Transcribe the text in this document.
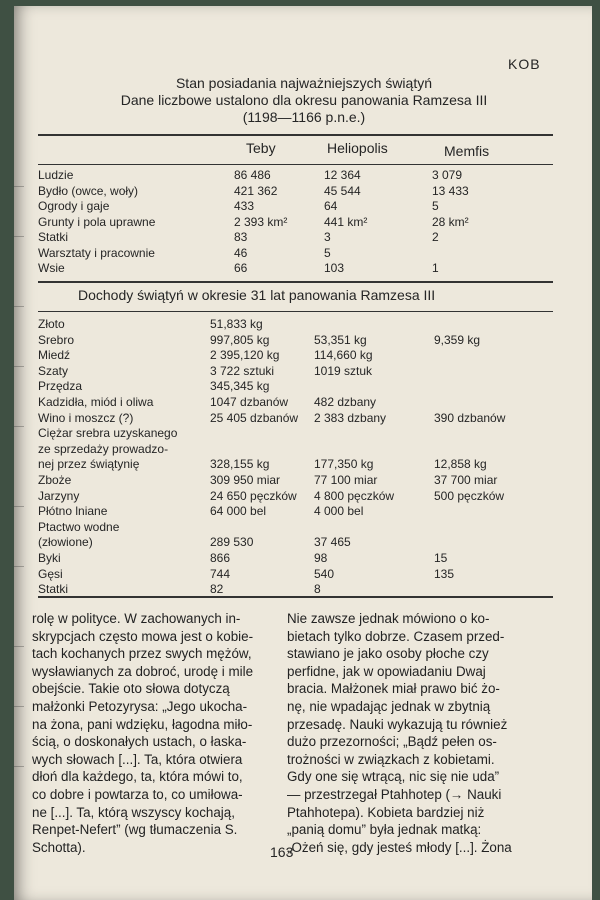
KOB
Stan posiadania najważniejszych świątyń
Dane liczbowe ustalono dla okresu panowania Ramzesa III
(1198—1166 p.n.e.)
Teby	Heliopolis	Memfis
Ludzie	86 486	12 364	3 079
Bydło (owce, woły)	421 362	45 544	13 433
Ogrody i gaje	433	64	5
Grunty i pola uprawne	2 393 km²	441 km²	28 km²
Statki	83	3	2
Warsztaty i pracownie	46	5
Wsie	66	103	1
Dochody świątyń w okresie 31 lat panowania Ramzesa III
Złoto	51,833 kg
Srebro	997,805 kg	53,351 kg	9,359 kg
Miedź	2 395,120 kg	114,660 kg
Szaty	3 722 sztuki	1019 sztuk
Przędza	345,345 kg
Kadzidła, miód i oliwa	1047 dzbanów 482 dzbany
Wino i moszcz (?)	25 405 dzbanów 2 383 dzbany	390 dzbanów
Ciężar srebra uzyskanego
ze sprzedaży prowadzo-
nej przez świątynię	328,155 kg	177,350 kg	12,858 kg
Zboże	309 950 miar	77 100 miar	37 700 miar
Jarzyny	24 650 pęczków 4 800 pęczków	500 pęczków
Płótno lniane	64 000 bel	4 000 bel
Ptactwo wodne
(złowione)	289 530	37 465
Byki	866	98	15
Gęsi	744	540	135
Statki	82	8
rolę w polityce. W zachowanych in-
skrypcjach często mowa jest o kobie-
tach kochanych przez swych mężów,
wysławianych za dobroć, urodę i mile
obejście. Takie oto słowa dotyczą
małżonki Petozyrysa: „Jego ukocha-
na żona, pani wdzięku, łagodna miło-
ścią, o doskonałych ustach, o łaska-
wych słowach [...]. Ta, która otwiera
dłoń dla każdego, ta, która mówi to,
co dobre i powtarza to, co umiłowa-
ne [...]. Ta, którą wszyscy kochają,
Renpet-Nefert” (wg tłumaczenia S.
Schotta).
Nie zawsze jednak mówiono o ko-
bietach tylko dobrze. Czasem przed-
stawiano je jako osoby płoche czy
perfidne, jak w opowiadaniu Dwaj
bracia. Małżonek miał prawo bić żo-
nę, nie wpadając jednak w zbytnią
przesadę. Nauki wykazują tu również
dużo przezorności; „Bądź pełen os-
trożności w związkach z kobietami.
Gdy one się wtrącą, nic się nie uda”
— przestrzegał Ptahhotep (→ Nauki
Ptahhotepa). Kobieta bardziej niż
„panią domu” była jednak matką:
„Ożeń się, gdy jesteś młody [...]. Żona
163
